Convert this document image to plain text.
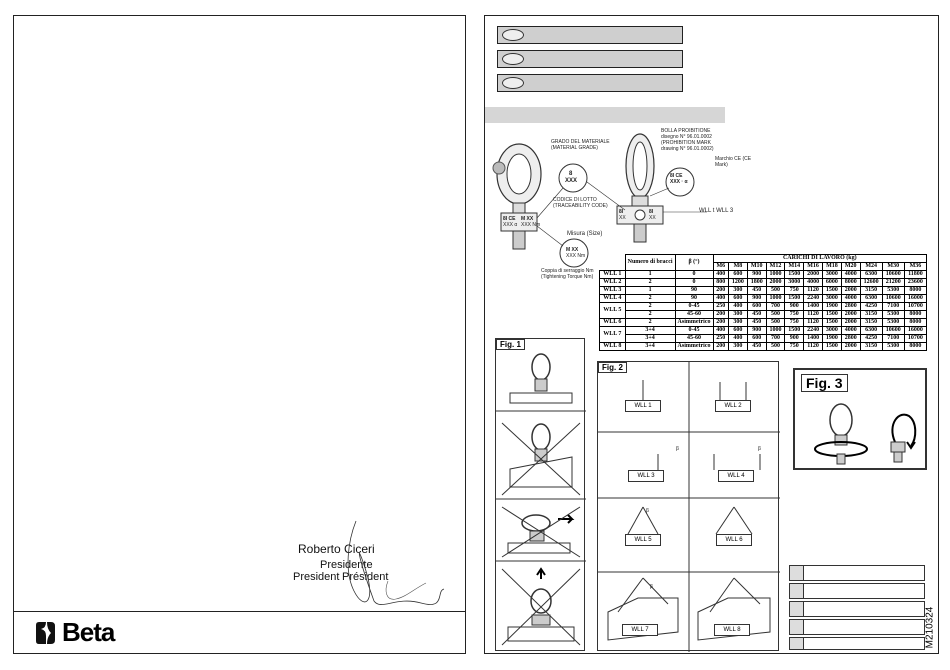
Roberto Ciceri
Presidente
President Président
Beta
GRADO DEL MATERIALE (MATERIAL GRADE)
8
XXX
CODICE DI LOTTO (TRACEABILITY CODE)
BOLLA PROIBITIONE disegno N° 96.01.0002 (PROHIBITION MARK drawing N° 96.01.0002)
Marchio CE (CE Mark)
8I CE
XXX · α
WLL t WLL 3
Misura (Size)
M XX
XXX Nm
Coppia di serraggio Nm (Tightening Torque Nm)
8I CE
XXX α
M XX
XXX Nm
8I
XX
8I
XX
	Numero di bracci	β (°)	CARICHI DI LAVORO (kg)										
			M6	M8	M10	M12	M14	M16	M18	M20	M24	M30	M36
WLL 1	1	0	400	600	900	1000	1500	2000	3000	4000	6300	10600	11800
WLL 2	2	0	800	1200	1800	2000	3000	4000	6000	8000	12600	21200	23600
WLL 3	1	90	200	300	450	500	750	1120	1500	2000	3150	5300	8000
WLL 4	2	90	400	600	900	1000	1500	2240	3000	4000	6300	10600	16000
WLL 5	2	0-45	250	400	600	700	900	1400	1900	2800	4250	7100	10700
	2	45-60	200	300	450	500	750	1120	1500	2000	3150	5300	8000
WLL 6	2	Asimmetrico	200	300	450	500	750	1120	1500	2000	3150	5300	8000
WLL 7	3+4	0-45	400	600	900	1000	1500	2240	3000	4000	6300	10600	16000
	3+4	45-60	250	400	600	700	900	1400	1900	2800	4250	7100	10700
WLL 8	3+4	Asimmetrico	200	300	450	500	750	1120	1500	2000	3150	5300	8000
Fig. 1
Fig. 2
WLL 1	WLL 2
WLL 3	WLL 4
WLL 5	WLL 6
WLL 7	WLL 8
β	β
β
β
Fig. 3
M210324
